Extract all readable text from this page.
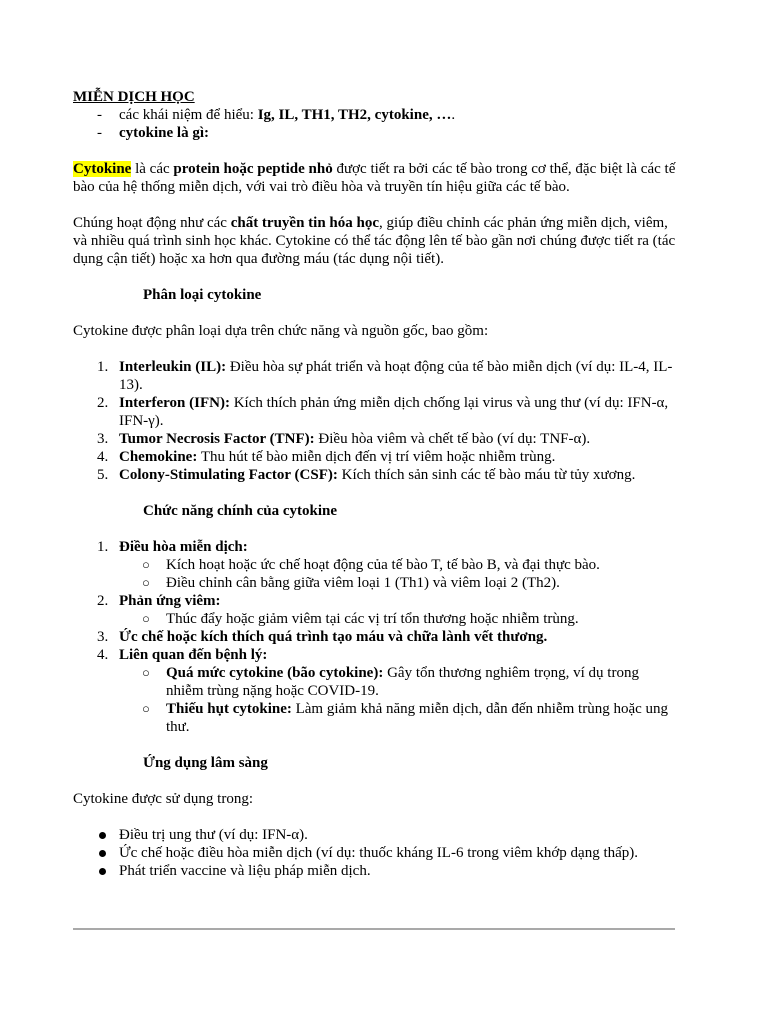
MIỄN DỊCH HỌC

- các khái niệm để hiểu: Ig, IL, TH1, TH2, cytokine, ….
- cytokine là gì:

Cytokine là các protein hoặc peptide nhỏ được tiết ra bởi các tế bào trong cơ thể, đặc biệt là các tế bào của hệ thống miễn dịch, với vai trò điều hòa và truyền tín hiệu giữa các tế bào.

Chúng hoạt động như các chất truyền tin hóa học, giúp điều chỉnh các phản ứng miễn dịch, viêm, và nhiều quá trình sinh học khác. Cytokine có thể tác động lên tế bào gần nơi chúng được tiết ra (tác dụng cận tiết) hoặc xa hơn qua đường máu (tác dụng nội tiết).

Phân loại cytokine

Cytokine được phân loại dựa trên chức năng và nguồn gốc, bao gồm:

1. Interleukin (IL): Điều hòa sự phát triển và hoạt động của tế bào miễn dịch (ví dụ: IL-4, IL-13).
2. Interferon (IFN): Kích thích phản ứng miễn dịch chống lại virus và ung thư (ví dụ: IFN-α, IFN-γ).
3. Tumor Necrosis Factor (TNF): Điều hòa viêm và chết tế bào (ví dụ: TNF-α).
4. Chemokine: Thu hút tế bào miễn dịch đến vị trí viêm hoặc nhiễm trùng.
5. Colony-Stimulating Factor (CSF): Kích thích sản sinh các tế bào máu từ tủy xương.

Chức năng chính của cytokine

1. Điều hòa miễn dịch:
○ Kích hoạt hoặc ức chế hoạt động của tế bào T, tế bào B, và đại thực bào.
○ Điều chỉnh cân bằng giữa viêm loại 1 (Th1) và viêm loại 2 (Th2).
2. Phản ứng viêm:
○ Thúc đẩy hoặc giảm viêm tại các vị trí tổn thương hoặc nhiễm trùng.
3. Ức chế hoặc kích thích quá trình tạo máu và chữa lành vết thương.
4. Liên quan đến bệnh lý:
○ Quá mức cytokine (bão cytokine): Gây tổn thương nghiêm trọng, ví dụ trong nhiễm trùng nặng hoặc COVID-19.
○ Thiếu hụt cytokine: Làm giảm khả năng miễn dịch, dẫn đến nhiễm trùng hoặc ung thư.

Ứng dụng lâm sàng

Cytokine được sử dụng trong:

Điều trị ung thư (ví dụ: IFN-α).
Ức chế hoặc điều hòa miễn dịch (ví dụ: thuốc kháng IL-6 trong viêm khớp dạng thấp).
Phát triển vaccine và liệu pháp miễn dịch.
